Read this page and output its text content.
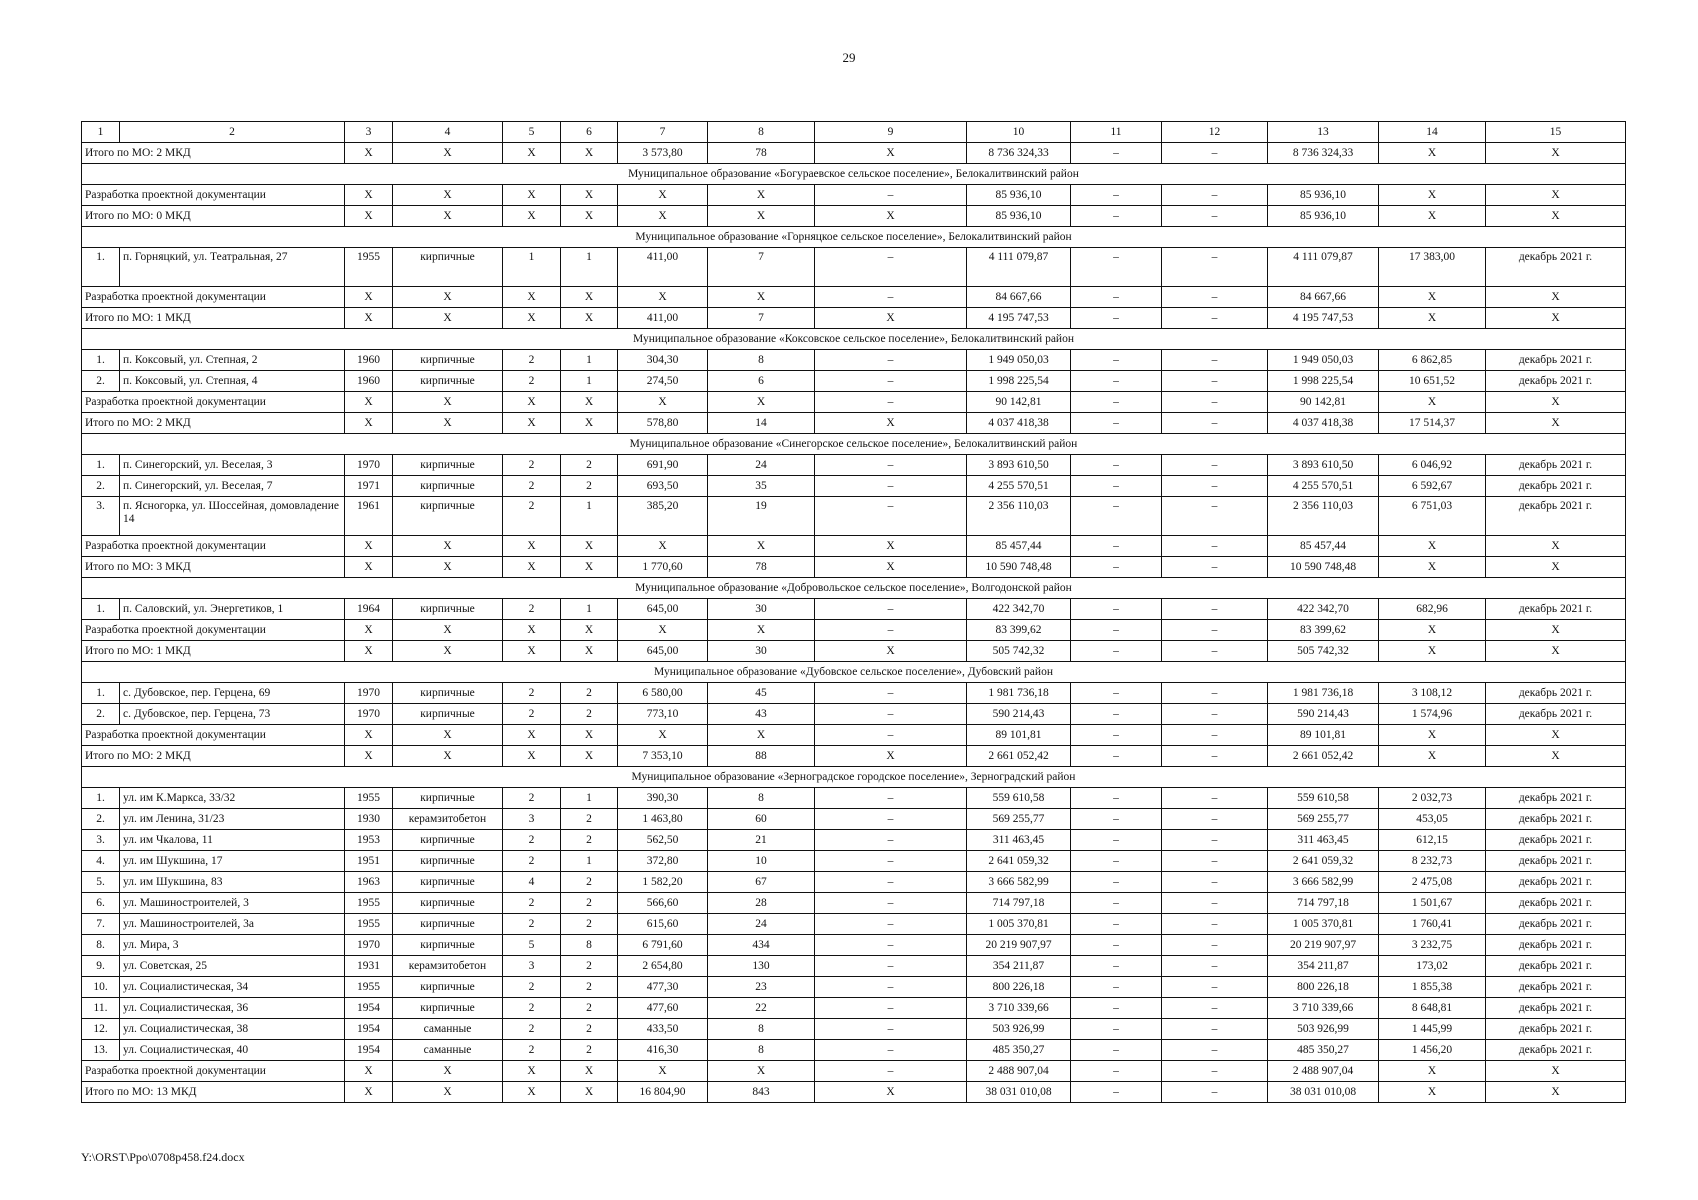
29
1	2	3	4	5	6	7	8	9	10	11	12	13	14	15
Итого по МО: 2 МКД		Х	Х	Х	Х	3 573,80	78	Х	8 736 324,33	–	–	8 736 324,33	Х	Х
Муниципальное образование «Богураевское сельское поселение», Белокалитвинский район														
Разработка проектной документации		Х	Х	Х	Х	Х	Х	–	85 936,10	–	–	85 936,10	Х	Х
Итого по МО: 0 МКД		Х	Х	Х	Х	Х	Х	Х	85 936,10	–	–	85 936,10	Х	Х
Муниципальное образование «Горняцкое сельское поселение», Белокалитвинский район														
1.	п. Горняцкий, ул. Театральная, 27	1955	кирпичные	1	1	411,00	7	–	4 111 079,87	–	–	4 111 079,87	17 383,00	декабрь 2021 г.
Разработка проектной документации		Х	Х	Х	Х	Х	Х	–	84 667,66	–	–	84 667,66	Х	Х
Итого по МО: 1 МКД		Х	Х	Х	Х	411,00	7	Х	4 195 747,53	–	–	4 195 747,53	Х	Х
Муниципальное образование «Коксовское сельское поселение», Белокалитвинский район														
1.	п. Коксовый, ул. Степная, 2	1960	кирпичные	2	1	304,30	8	–	1 949 050,03	–	–	1 949 050,03	6 862,85	декабрь 2021 г.
2.	п. Коксовый, ул. Степная, 4	1960	кирпичные	2	1	274,50	6	–	1 998 225,54	–	–	1 998 225,54	10 651,52	декабрь 2021 г.
Разработка проектной документации		Х	Х	Х	Х	Х	Х	–	90 142,81	–	–	90 142,81	Х	Х
Итого по МО: 2 МКД		Х	Х	Х	Х	578,80	14	Х	4 037 418,38	–	–	4 037 418,38	17 514,37	Х
Муниципальное образование «Синегорское сельское поселение», Белокалитвинский район														
1.	п. Синегорский, ул. Веселая, 3	1970	кирпичные	2	2	691,90	24	–	3 893 610,50	–	–	3 893 610,50	6 046,92	декабрь 2021 г.
2.	п. Синегорский, ул. Веселая, 7	1971	кирпичные	2	2	693,50	35	–	4 255 570,51	–	–	4 255 570,51	6 592,67	декабрь 2021 г.
3.	п. Ясногорка, ул. Шоссейная, домовладение 14	1961	кирпичные	2	1	385,20	19	–	2 356 110,03	–	–	2 356 110,03	6 751,03	декабрь 2021 г.
Разработка проектной документации		Х	Х	Х	Х	Х	Х	Х	85 457,44	–	–	85 457,44	Х	Х
Итого по МО: 3 МКД		Х	Х	Х	Х	1 770,60	78	Х	10 590 748,48	–	–	10 590 748,48	Х	Х
Муниципальное образование «Добровольское сельское поселение», Волгодонской район														
1.	п. Саловский, ул. Энергетиков, 1	1964	кирпичные	2	1	645,00	30	–	422 342,70	–	–	422 342,70	682,96	декабрь 2021 г.
Разработка проектной документации		Х	Х	Х	Х	Х	Х	–	83 399,62	–	–	83 399,62	Х	Х
Итого по МО: 1 МКД		Х	Х	Х	Х	645,00	30	Х	505 742,32	–	–	505 742,32	Х	Х
Муниципальное образование «Дубовское сельское поселение», Дубовский район														
1.	с. Дубовское, пер. Герцена, 69	1970	кирпичные	2	2	6 580,00	45	–	1 981 736,18	–	–	1 981 736,18	3 108,12	декабрь 2021 г.
2.	с. Дубовское, пер. Герцена, 73	1970	кирпичные	2	2	773,10	43	–	590 214,43	–	–	590 214,43	1 574,96	декабрь 2021 г.
Разработка проектной документации		Х	Х	Х	Х	Х	Х	–	89 101,81	–	–	89 101,81	Х	Х
Итого по МО: 2 МКД		Х	Х	Х	Х	7 353,10	88	Х	2 661 052,42	–	–	2 661 052,42	Х	Х
Муниципальное образование «Зерноградское городское поселение», Зерноградский район														
1.	ул. им К.Маркса, 33/32	1955	кирпичные	2	1	390,30	8	–	559 610,58	–	–	559 610,58	2 032,73	декабрь 2021 г.
2.	ул. им Ленина, 31/23	1930	керамзитобетон	3	2	1 463,80	60	–	569 255,77	–	–	569 255,77	453,05	декабрь 2021 г.
3.	ул. им Чкалова, 11	1953	кирпичные	2	2	562,50	21	–	311 463,45	–	–	311 463,45	612,15	декабрь 2021 г.
4.	ул. им Шукшина, 17	1951	кирпичные	2	1	372,80	10	–	2 641 059,32	–	–	2 641 059,32	8 232,73	декабрь 2021 г.
5.	ул. им Шукшина, 83	1963	кирпичные	4	2	1 582,20	67	–	3 666 582,99	–	–	3 666 582,99	2 475,08	декабрь 2021 г.
6.	ул. Машиностроителей, 3	1955	кирпичные	2	2	566,60	28	–	714 797,18	–	–	714 797,18	1 501,67	декабрь 2021 г.
7.	ул. Машиностроителей, 3а	1955	кирпичные	2	2	615,60	24	–	1 005 370,81	–	–	1 005 370,81	1 760,41	декабрь 2021 г.
8.	ул. Мира, 3	1970	кирпичные	5	8	6 791,60	434	–	20 219 907,97	–	–	20 219 907,97	3 232,75	декабрь 2021 г.
9.	ул. Советская, 25	1931	керамзитобетон	3	2	2 654,80	130	–	354 211,87	–	–	354 211,87	173,02	декабрь 2021 г.
10.	ул. Социалистическая, 34	1955	кирпичные	2	2	477,30	23	–	800 226,18	–	–	800 226,18	1 855,38	декабрь 2021 г.
11.	ул. Социалистическая, 36	1954	кирпичные	2	2	477,60	22	–	3 710 339,66	–	–	3 710 339,66	8 648,81	декабрь 2021 г.
12.	ул. Социалистическая, 38	1954	саманные	2	2	433,50	8	–	503 926,99	–	–	503 926,99	1 445,99	декабрь 2021 г.
13.	ул. Социалистическая, 40	1954	саманные	2	2	416,30	8	–	485 350,27	–	–	485 350,27	1 456,20	декабрь 2021 г.
Разработка проектной документации		Х	Х	Х	Х	Х	Х	–	2 488 907,04	–	–	2 488 907,04	Х	Х
Итого по МО: 13 МКД		Х	Х	Х	Х	16 804,90	843	Х	38 031 010,08	–	–	38 031 010,08	Х	Х
Y:\ORST\Ppo\0708p458.f24.docx
